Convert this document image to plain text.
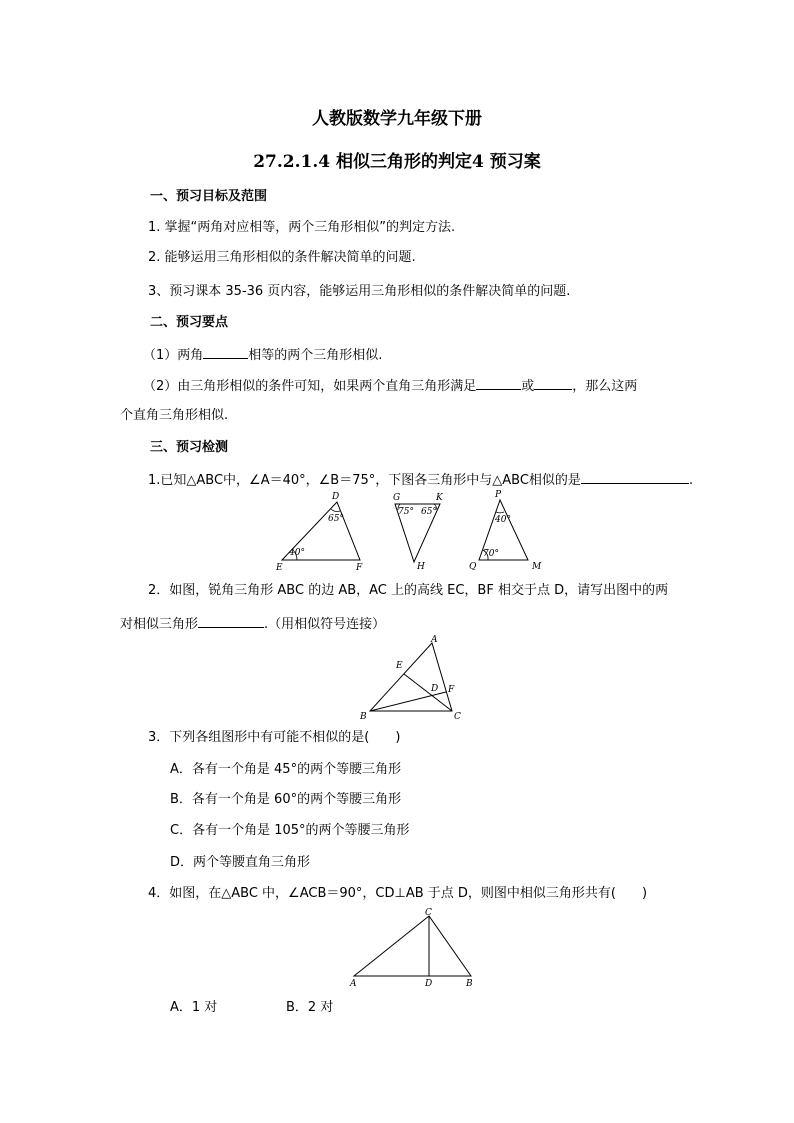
人教版数学九年级下册
27.2.1.4 相似三角形的判定4 预习案
一、预习目标及范围
1. 掌握“两角对应相等，两个三角形相似”的判定方法.
2. 能够运用三角形相似的条件解决简单的问题.
3、预习课本 35-36 页内容，能够运用三角形相似的条件解决简单的问题.
二、预习要点
（1）两角	相等的两个三角形相似.
（2）由三角形相似的条件可知，如果两个直角三角形满足	或	，那么这两
个直角三角形相似.
三、预习检测
1.已知△ABC中，∠A＝40°，∠B＝75°，下图各三角形中与△ABC相似的是	.
D
65°
40°
E	F
G	K
75° 65°
H
P
40°
70°
Q	M
2．如图，锐角三角形 ABC 的边 AB，AC 上的高线 EC，BF 相交于点 D，请写出图中的两
对相似三角形	.（用相似符号连接）
A
E
D F
B	C
3．下列各组图形中有可能不相似的是(　　)
A．各有一个角是 45°的两个等腰三角形
B．各有一个角是 60°的两个等腰三角形
C．各有一个角是 105°的两个等腰三角形
D．两个等腰直角三角形
4．如图，在△ABC 中，∠ACB＝90°，CD⊥AB 于点 D，则图中相似三角形共有(　　)
C
A	D	B
A．1 对	B．2 对
